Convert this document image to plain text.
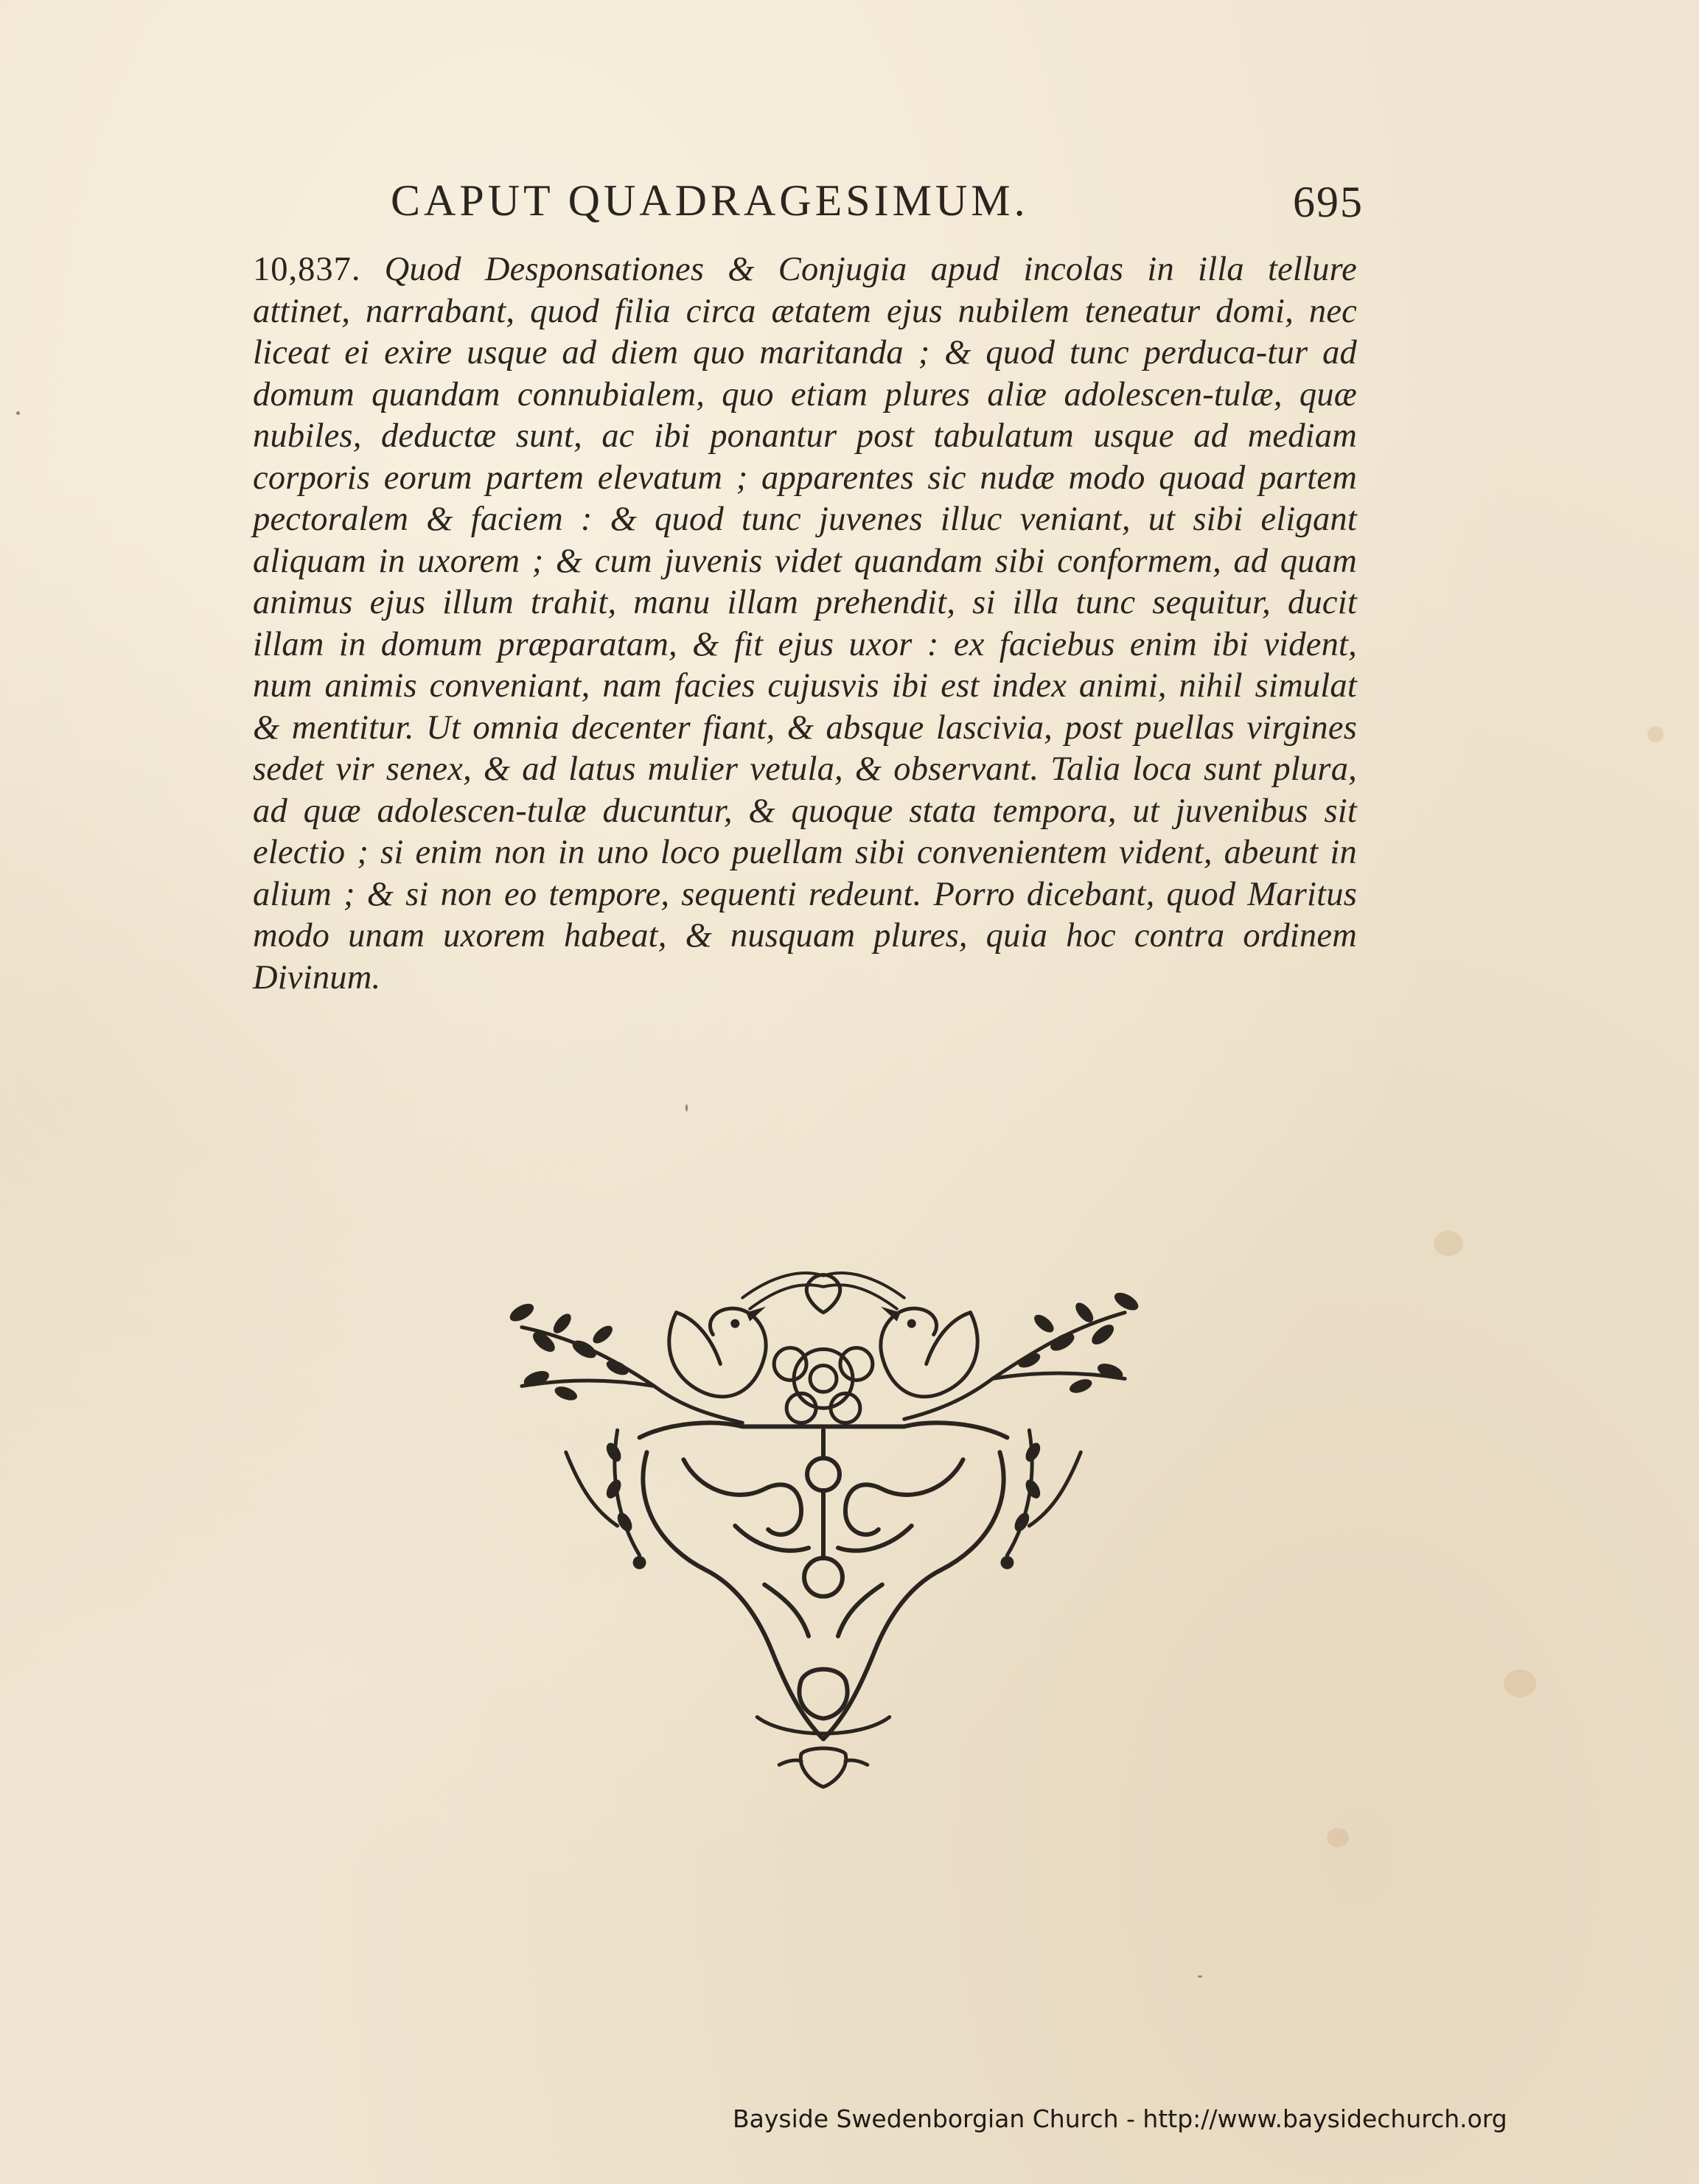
CAPUT QUADRAGESIMUM.	695
10,837. Quod Desponsationes & Conjugia apud incolas in illa tellure attinet, narrabant, quod filia circa ætatem ejus nubilem teneatur domi, nec liceat ei exire usque ad diem quo maritanda ; & quod tunc perduca-tur ad domum quandam connubialem, quo etiam plures aliæ adolescen-tulæ, quæ nubiles, deductæ sunt, ac ibi ponantur post tabulatum usque ad mediam corporis eorum partem elevatum ; apparentes sic nudæ modo quoad partem pectoralem & faciem : & quod tunc juvenes illuc veniant, ut sibi eligant aliquam in uxorem ; & cum juvenis videt quandam sibi conformem, ad quam animus ejus illum trahit, manu illam prehendit, si illa tunc sequitur, ducit illam in domum præparatam, & fit ejus uxor : ex faciebus enim ibi vident, num animis conveniant, nam facies cujusvis ibi est index animi, nihil simulat & mentitur. Ut omnia decenter fiant, & absque lascivia, post puellas virgines sedet vir senex, & ad latus mulier vetula, & observant. Talia loca sunt plura, ad quæ adolescen-tulæ ducuntur, & quoque stata tempora, ut juvenibus sit electio ; si enim non in uno loco puellam sibi convenientem vident, abeunt in alium ; & si non eo tempore, sequenti redeunt. Porro dicebant, quod Maritus modo unam uxorem habeat, & nusquam plures, quia hoc contra ordinem Divinum.
Bayside Swedenborgian Church - http://www.baysidechurch.org
